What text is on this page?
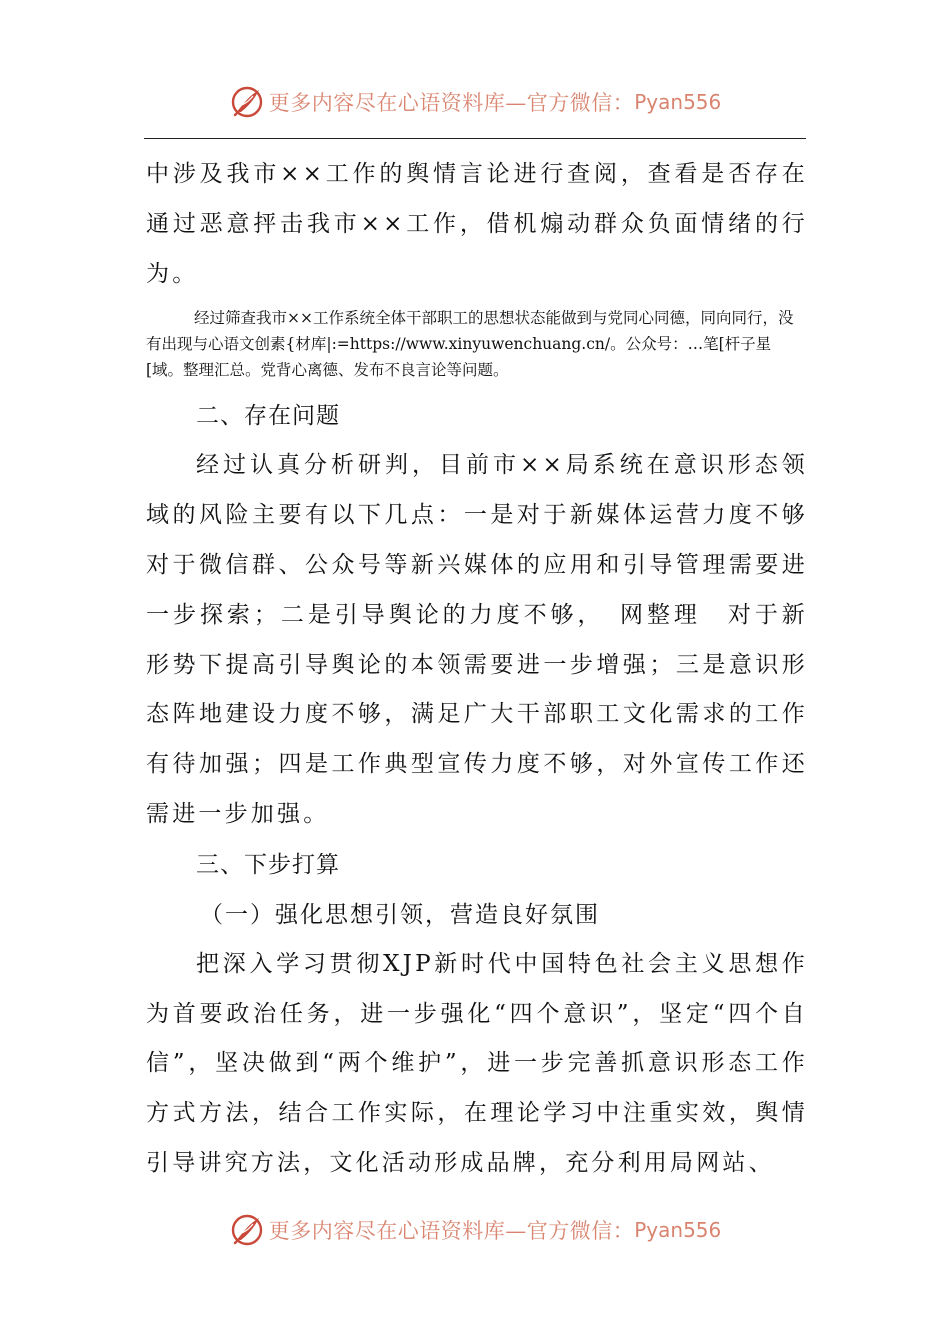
更多内容尽在心语资料库—官方微信： Pyan556

中涉及我市××工作的舆情言论进行查阅，查看是否存在通过恶意抨击我市××工作，借机煽动群众负面情绪的行为。

经过筛查我市××工作系统全体干部职工的思想状态能做到与党同心同德，同向同行，没有出现与心语文创素{材库|:=https://www.xinyuwenchuang.cn/。公众号：…笔[杆子星[域。整理汇总。党背心离德、发布不良言论等问题。

二、存在问题

经过认真分析研判，目前市××局系统在意识形态领域的风险主要有以下几点：一是对于新媒体运营力度不够对于微信群、公众号等新兴媒体的应用和引导管理需要进一步探索；二是引导舆论的力度不够，　网整理　对于新形势下提高引导舆论的本领需要进一步增强；三是意识形态阵地建设力度不够，满足广大干部职工文化需求的工作有待加强；四是工作典型宣传力度不够，对外宣传工作还需进一步加强。

三、下步打算

（一）强化思想引领，营造良好氛围

把深入学习贯彻XJP新时代中国特色社会主义思想作为首要政治任务，进一步强化“四个意识”，坚定“四个自信”，坚决做到“两个维护”，进一步完善抓意识形态工作方式方法，结合工作实际，在理论学习中注重实效，舆情引导讲究方法，文化活动形成品牌，充分利用局网站、

更多内容尽在心语资料库—官方微信： Pyan556
